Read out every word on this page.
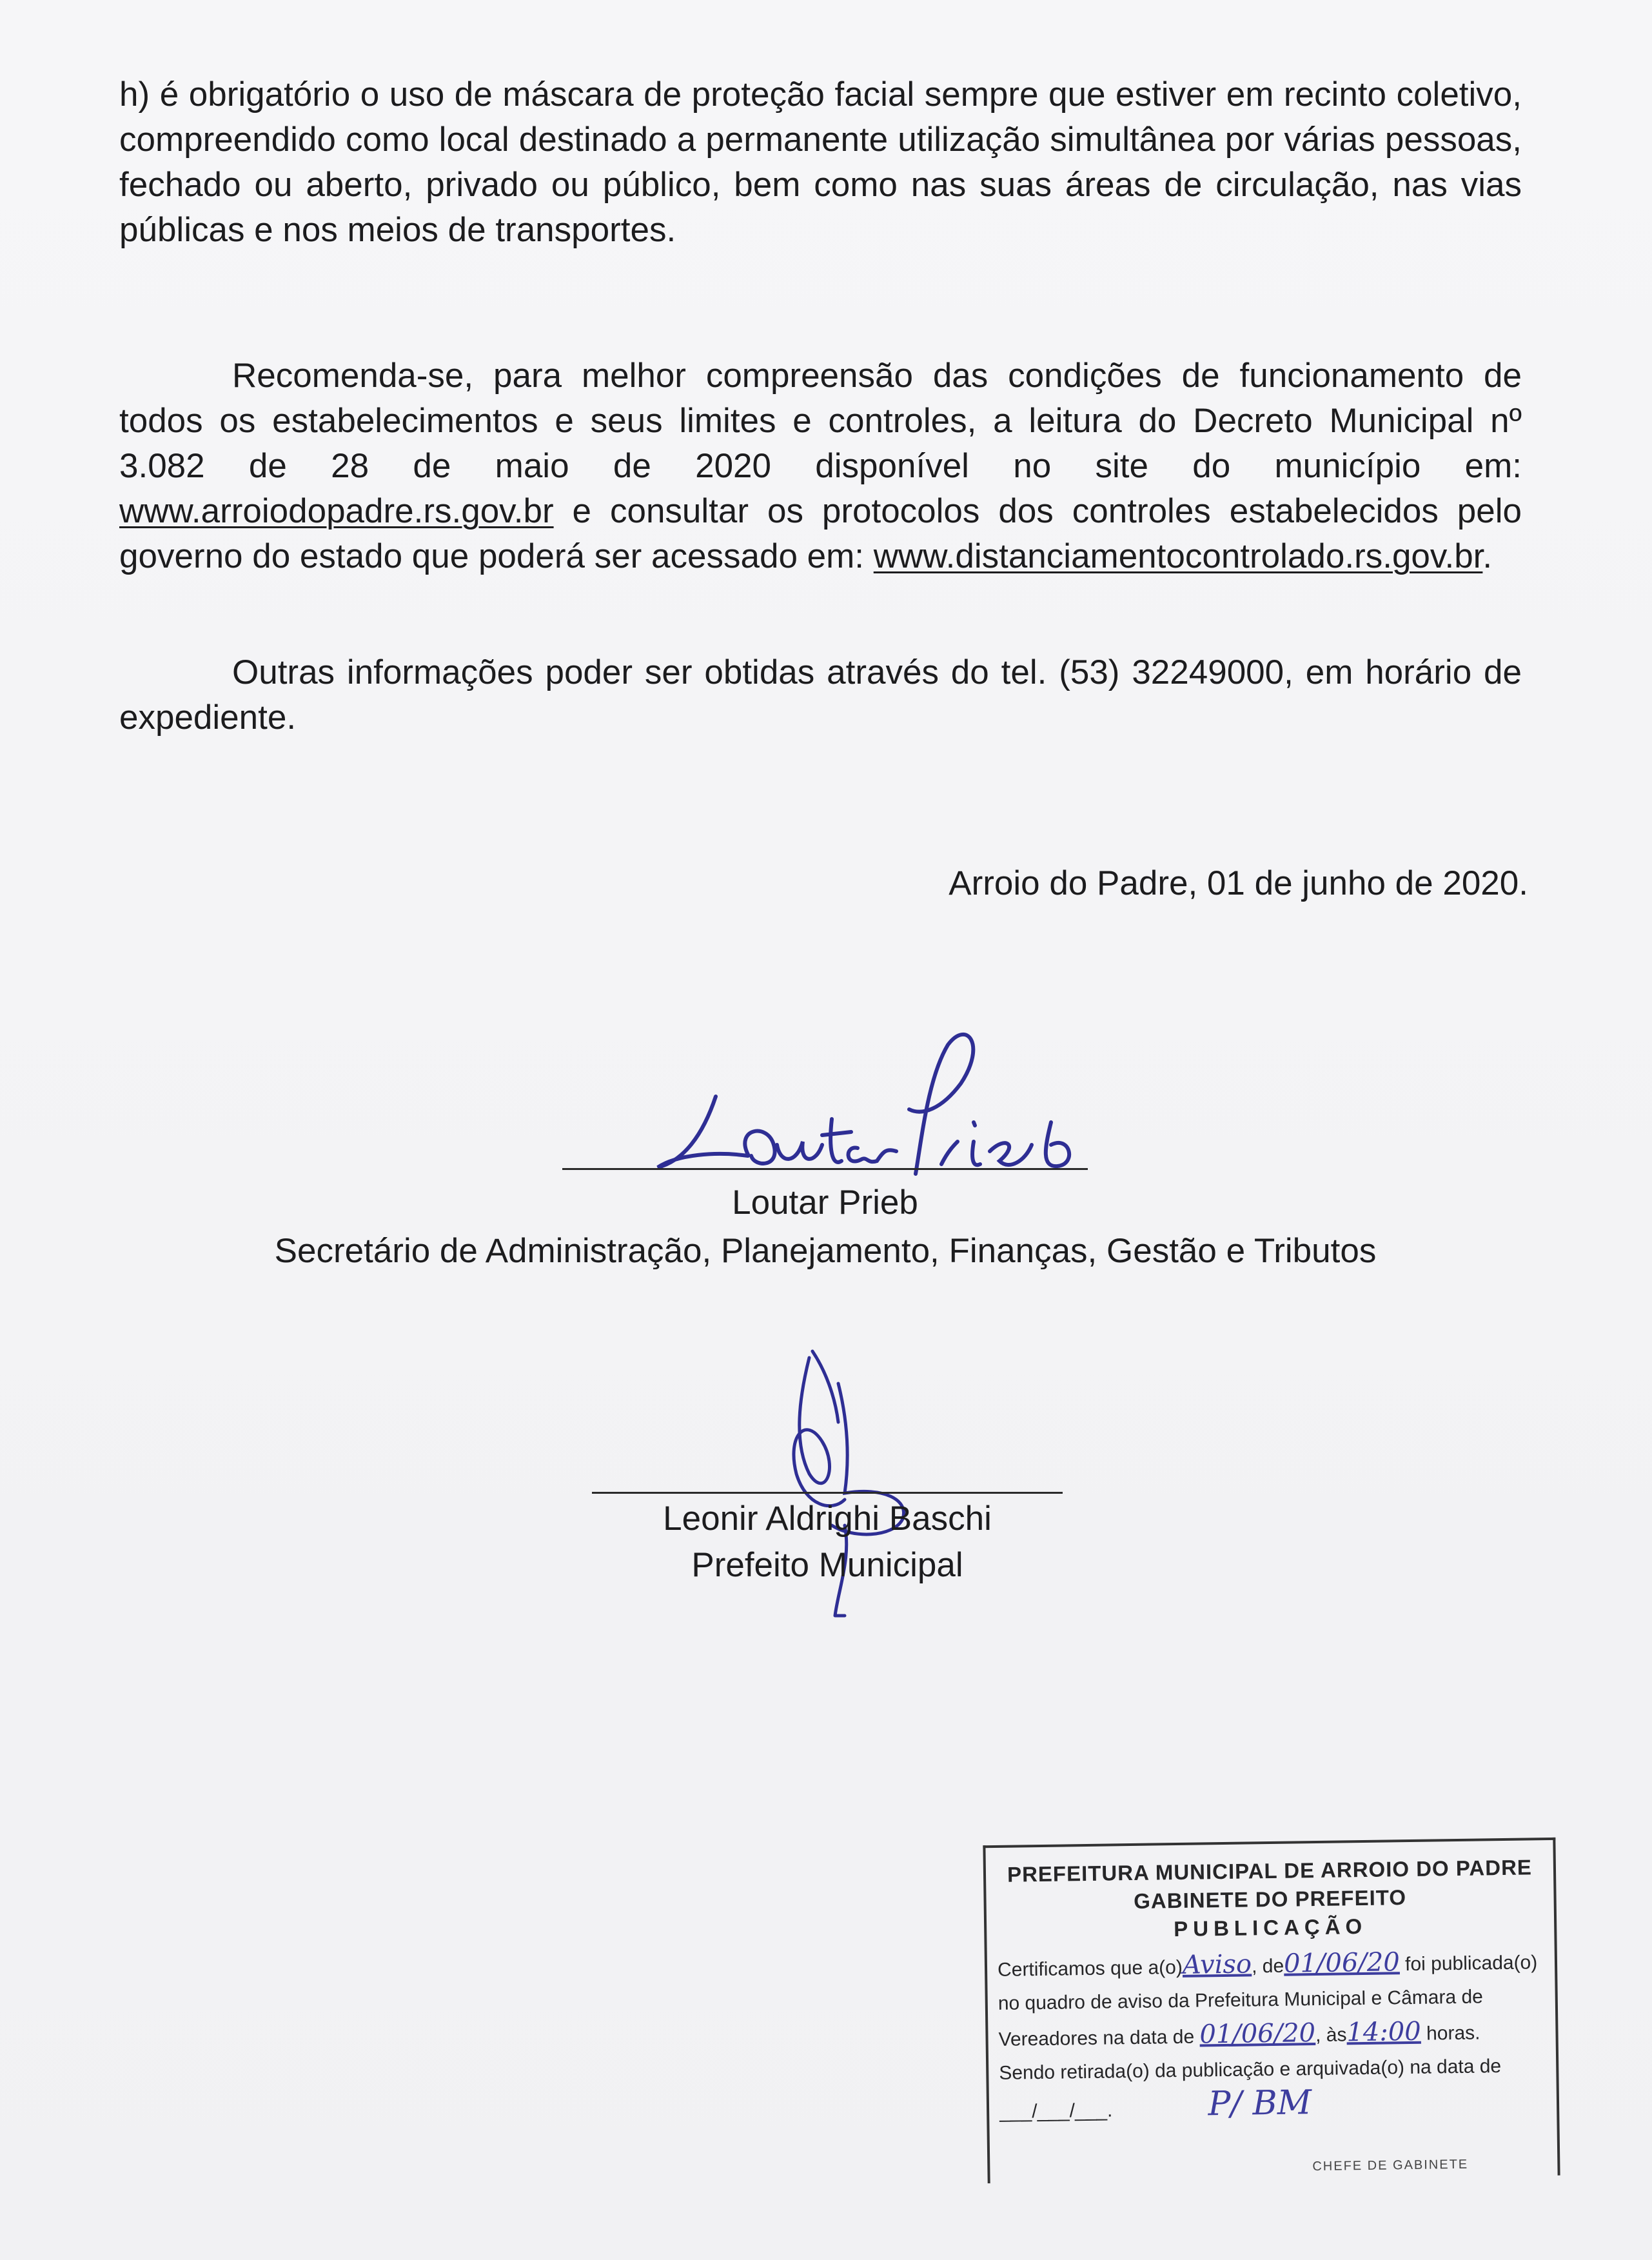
h) é obrigatório o uso de máscara de proteção facial sempre que estiver em recinto coletivo, compreendido como local destinado a permanente utilização simultânea por várias pessoas, fechado ou aberto, privado ou público, bem como nas suas áreas de circulação, nas vias públicas e nos meios de transportes.

Recomenda-se, para melhor compreensão das condições de funcionamento de todos os estabelecimentos e seus limites e controles, a leitura do Decreto Municipal nº 3.082 de 28 de maio de 2020 disponível no site do município em: www.arroiodopadre.rs.gov.br e consultar os protocolos dos controles estabelecidos pelo governo do estado que poderá ser acessado em: www.distanciamentocontrolado.rs.gov.br.

Outras informações poder ser obtidas através do tel. (53) 32249000, em horário de expediente.

Arroio do Padre, 01 de junho de 2020.
Loutar Prieb
Secretário de Administração, Planejamento, Finanças, Gestão e Tributos
Leonir Aldrighi Baschi
Prefeito Municipal
PREFEITURA MUNICIPAL DE ARROIO DO PADRE
GABINETE DO PREFEITO
PUBLICAÇÃO
Certificamos que a(o)Aviso, de01/06/20 foi publicada(o) no quadro de aviso da Prefeitura Municipal e Câmara de Vereadores na data de 01/06/20, às14:00 horas. Sendo retirada(o) da publicação e arquivada(o) na data de ___/___/___.	P/ BM
CHEFE DE GABINETE
